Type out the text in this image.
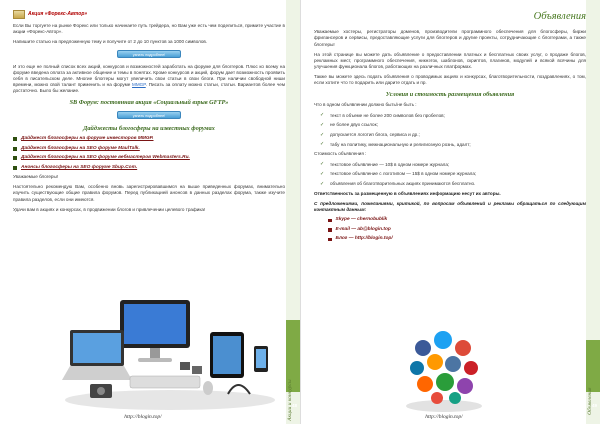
Акция «Форекс-Автор»

Если Вы торгуете на рынке Форекс или только начинаете путь трейдера, но Вам уже есть чем поделиться, примите участие в акции «Форекс-Автор».

Напишите статью на предложенную тему и получите от 2 до 10 пунктов за 1000 символов.

узнать подробнее!

И это еще не полный список всех акций, конкурсов и возможностей заработать на форуме для блоггеров. Плюс ко всему на форуме введена оплата за активное общение и темы в понятах. Кроме конкурсов и акций, форум дает возможность проявить себя в писательском деле. Многие блоггеры могут увеличить свои статьи в свои блоги. При наличии свободной ниши времени, можно свой талант применить и на форуме MMGP. Писать за оплату можно статьи, статьи. Вариантов более чем достаточно. Было бы желание.

SB Форум: постоянная акция «Социальный взрыв GFTP»
узнать подробнее!
Дайджесты блогосферы на известных форумах
Дайджест блогосферы на форуме инвесторов MMGP.
Дайджест блогосферы на SEO форуме MaulTalk.
Дайджест блогосферы на SEO форуме вебмастеров Webmasters.Ru.
Анонсы блогосферы на SEO форуме Sbup.Com.

Уважаемые блогеры!

Настоятельно рекомендую Вам, особенно вновь зарегистрировавшимся на выше приведенных форумах, внимательно изучить существующие общие правила форумов. Перед публикацией анонсов в данных разделах форума, также изучите правила разделов, если они имеются.

Удачи вам в акциях и конкурсах, в продвижении блогов и привлечении целевого трафика!

Акции и конкурсы 48
http://blogin.top/
Объявления

Уважаемые хостеры, регистраторы доменов, производители программного обеспечения для блогосферы, биржи фрилансеров и сервисы, предоставляющие услуги для блоггеров и другие проекты, сотрудничающие с блоггерами, а также блоггеры!

На этой странице вы можете дать объявление о предоставлении платных и бесплатных своих услуг, о продаже блогов, рекламных мест, программного обеспечения, никнэток, шаблонов, скриптов, плагинов, модулей и всякой всячины для улучшения функционала блогов, работающих на различных платформах.

Также вы можете здесь подать объявления о проводимых акциях и конкурсах, благотворительности, поздравлениях, о том, если хотите что то подарить или дарите отдать и пр.

Условия и стоимость размещения объявления

Что в одном объявлении должно быть/не быть :

✓	текст в объеме не более 200 символов без пробелов;
✓	не более двух ссылок;
✓	допускается логотип блога, сервиса и др.;
✓	табу на политику, межнациональную и религиозную рознь, адалт;

Стоимость объявления :

✓	текстовое объявление — 10$ в одном номере журнала;
✓	текстовое объявление с логотипом — 15$ в одном номере журнала;
✓	объявления об благотворительных акциях принимаются бесплатно.

Ответственность за размещенную в объявлениях информацию несут их авторы.

С предложениями, пожеланиями, критикой, по вопросам объявлений и рекламы обращаться по следующим контактным данным:

Skype — chernobublik
E-mail — ab@blogin.top
Блог — http://blogin.top/
Объявления 49
http://blogin.top/
